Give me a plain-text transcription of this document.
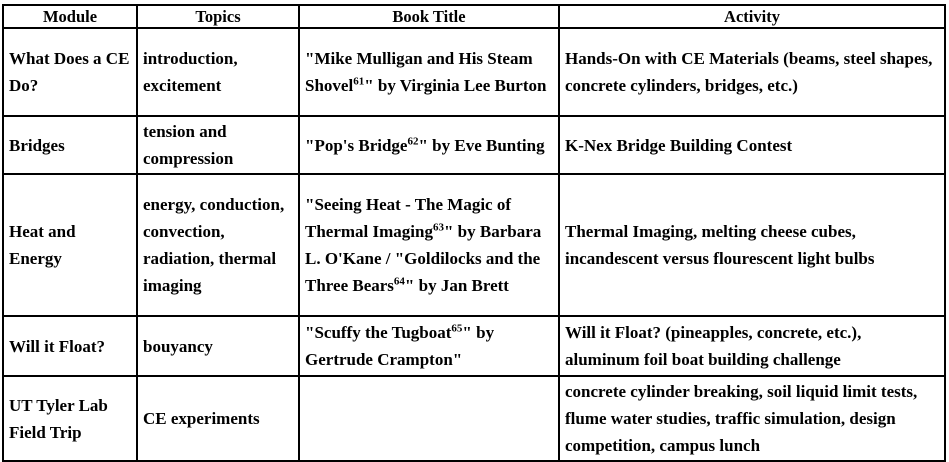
Module	Topics	Book Title	Activity
What Does a CE Do?	introduction, excitement	"Mike Mulligan and His Steam Shovel$^{61}$" by Virginia Lee Burton	Hands-On with CE Materials (beams, steel shapes, concrete cylinders, bridges, etc.)
Bridges	tension and compression	"Pop's Bridge$^{62}$" by Eve Bunting	K-Nex Bridge Building Contest
Heat and Energy	energy, conduction, convection, radiation, thermal imaging	"Seeing Heat - The Magic of Thermal Imaging$^{63}$" by Barbara L. O'Kane / "Goldilocks and the Three Bears$^{64}$" by Jan Brett	Thermal Imaging, melting cheese cubes, incandescent versus flourescent light bulbs
Will it Float?	bouyancy	"Scuffy the Tugboat$^{65}$" by Gertrude Crampton"	Will it Float? (pineapples, concrete, etc.), aluminum foil boat building challenge
UT Tyler Lab Field Trip	CE experiments		concrete cylinder breaking, soil liquid limit tests, flume water studies, traffic simulation, design competition, campus lunch
